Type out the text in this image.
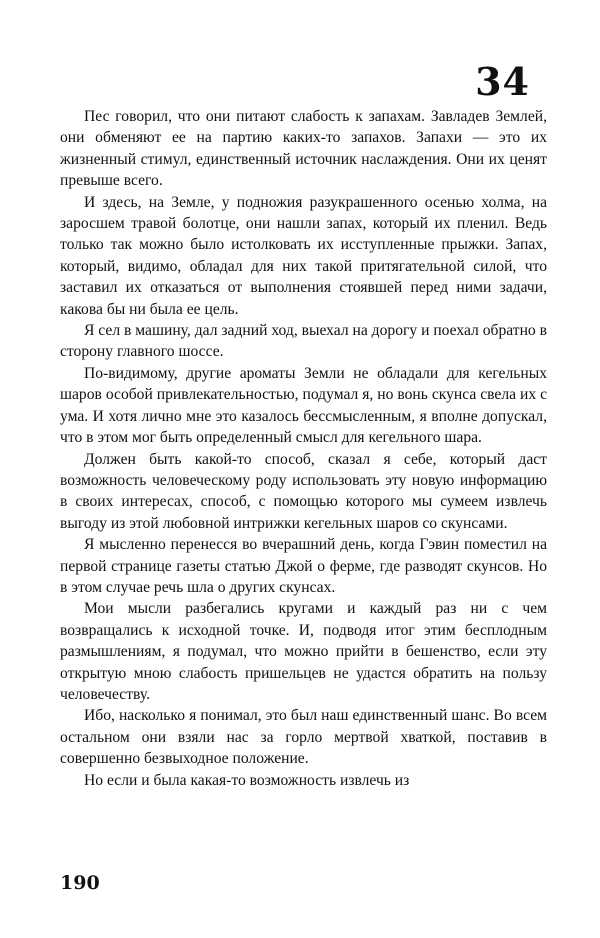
34

Пес говорил, что они питают слабость к запахам. Завладев Землей, они обменяют ее на партию каких-то запахов. Запахи — это их жизненный стимул, единственный источник наслаждения. Они их ценят превыше всего.

И здесь, на Земле, у подножия разукрашенного осенью холма, на заросшем травой болотце, они нашли запах, который их пленил. Ведь только так можно было истолковать их исступленные прыжки. Запах, который, видимо, обладал для них такой притягательной силой, что заставил их отказаться от выполнения стоявшей перед ними задачи, какова бы ни была ее цель.

Я сел в машину, дал задний ход, выехал на дорогу и поехал обратно в сторону главного шоссе.

По-видимому, другие ароматы Земли не обладали для кегельных шаров особой привлекательностью, подумал я, но вонь скунса свела их с ума. И хотя лично мне это казалось бессмысленным, я вполне допускал, что в этом мог быть определенный смысл для кегельного шара.

Должен быть какой-то способ, сказал я себе, который даст возможность человеческому роду использовать эту новую информацию в своих интересах, способ, с помощью которого мы сумеем извлечь выгоду из этой любовной интрижки кегельных шаров со скунсами.

Я мысленно перенесся во вчерашний день, когда Гэвин поместил на первой странице газеты статью Джой о ферме, где разводят скунсов. Но в этом случае речь шла о других скунсах.

Мои мысли разбегались кругами и каждый раз ни с чем возвращались к исходной точке. И, подводя итог этим бесплодным размышлениям, я подумал, что можно прийти в бешенство, если эту открытую мною слабость пришельцев не удастся обратить на пользу человечеству.

Ибо, насколько я понимал, это был наш единственный шанс. Во всем остальном они взяли нас за горло мертвой хваткой, поставив в совершенно безвыходное положение.

Но если и была какая-то возможность извлечь из

190
